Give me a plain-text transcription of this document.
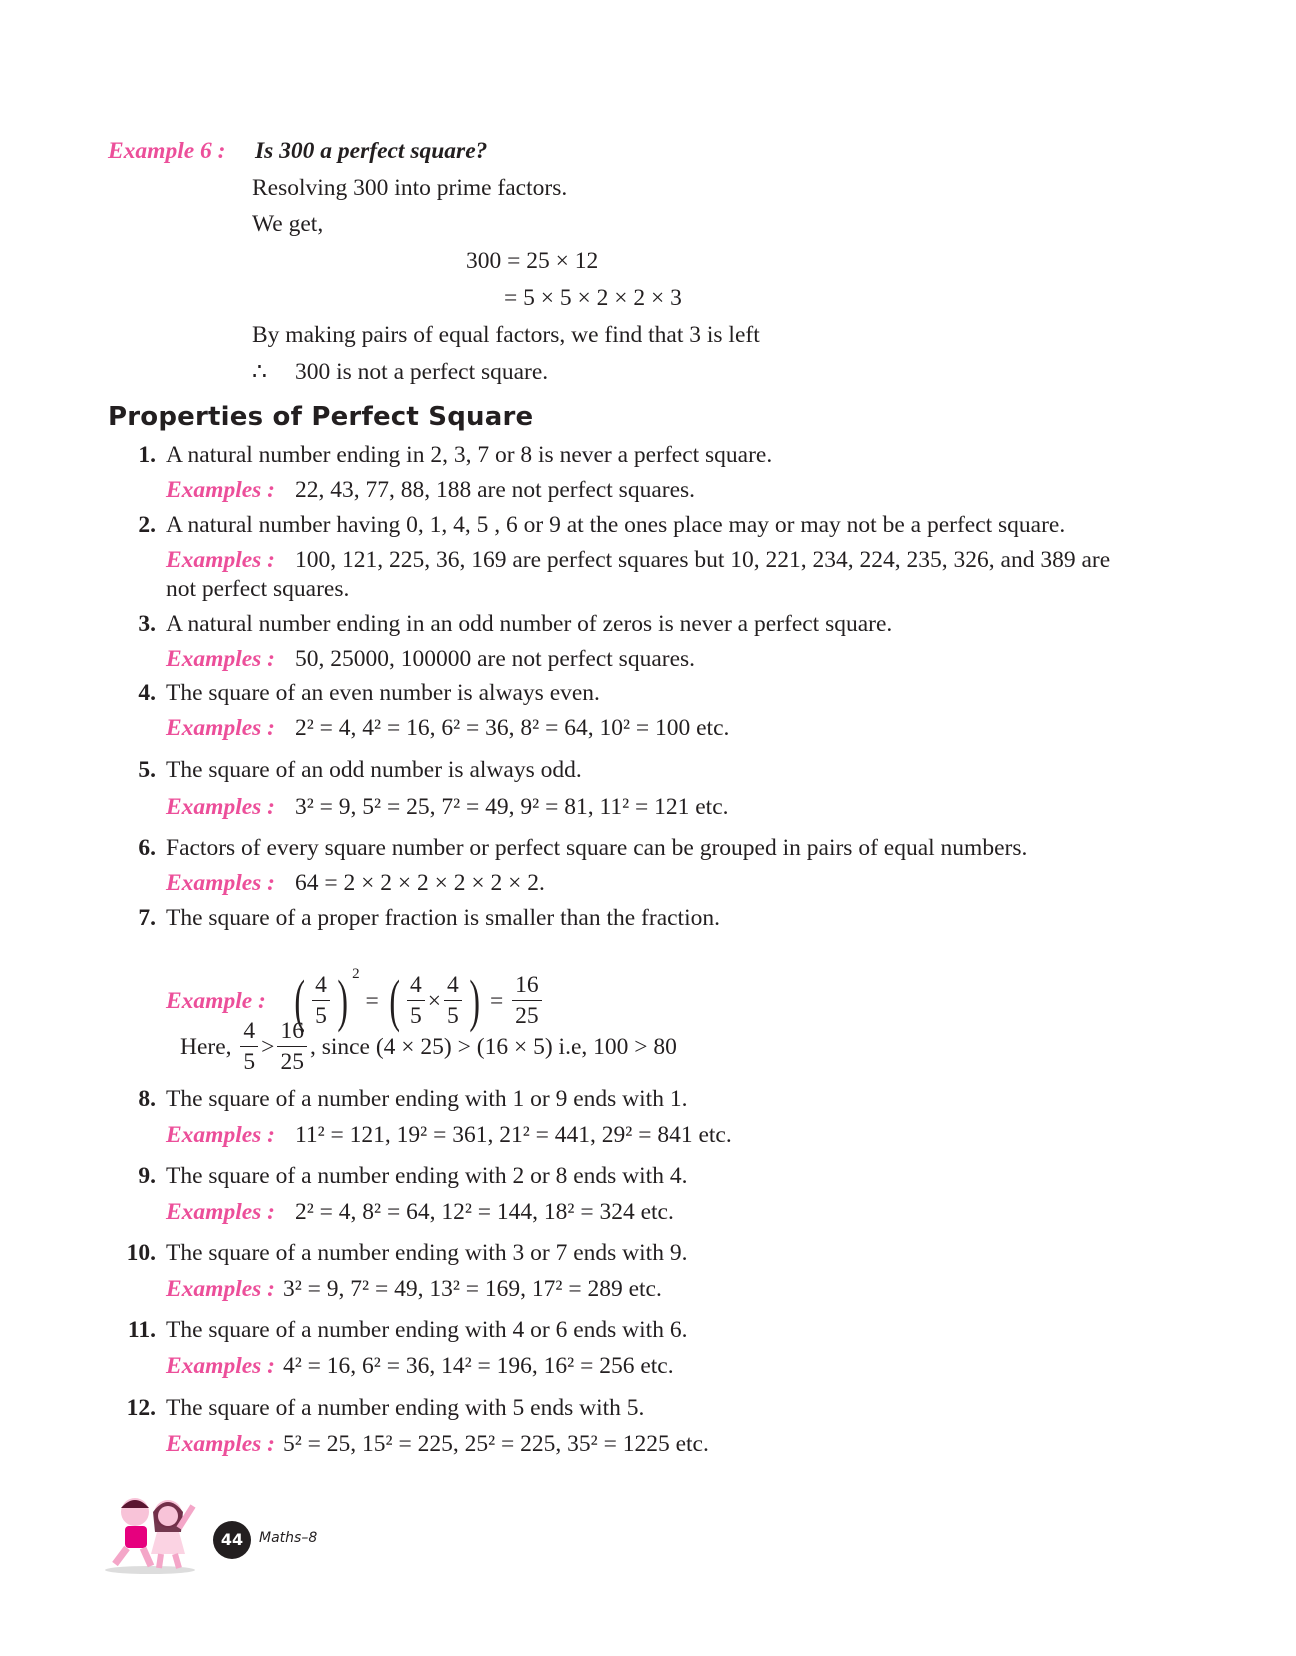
Example 6 : Is 300 a perfect square?
Resolving 300 into prime factors.
We get,
300 = 25 × 12
= 5 × 5 × 2 × 2 × 3
By making pairs of equal factors, we find that 3 is left
∴ 300 is not a perfect square.
Properties of Perfect Square
1. A natural number ending in 2, 3, 7 or 8 is never a perfect square.
Examples : 22, 43, 77, 88, 188 are not perfect squares.
2. A natural number having 0, 1, 4, 5 , 6 or 9 at the ones place may or may not be a perfect square.
Examples : 100, 121, 225, 36, 169 are perfect squares but 10, 221, 234, 224, 235, 326, and 389 are
not perfect squares.
3. A natural number ending in an odd number of zeros is never a perfect square.
Examples : 50, 25000, 100000 are not perfect squares.
4. The square of an even number is always even.
Examples : 2² = 4, 4² = 16, 6² = 36, 8² = 64, 10² = 100 etc.
5. The square of an odd number is always odd.
Examples : 3² = 9, 5² = 25, 7² = 49, 9² = 81, 11² = 121 etc.
6. Factors of every square number or perfect square can be grouped in pairs of equal numbers.
Examples : 64 = 2 × 2 × 2 × 2 × 2 × 2.
7. The square of a proper fraction is smaller than the fraction.
8. The square of a number ending with 1 or 9 ends with 1.
Examples : 11² = 121, 19² = 361, 21² = 441, 29² = 841 etc.
9. The square of a number ending with 2 or 8 ends with 4.
Examples : 2² = 4, 8² = 64, 12² = 144, 18² = 324 etc.
10. The square of a number ending with 3 or 7 ends with 9.
Examples : 3² = 9, 7² = 49, 13² = 169, 17² = 289 etc.
11. The square of a number ending with 4 or 6 ends with 6.
Examples : 4² = 16, 6² = 36, 14² = 196, 16² = 256 etc.
12. The square of a number ending with 5 ends with 5.
Examples : 5² = 25, 15² = 225, 25² = 225, 35² = 1225 etc.
Example : ( $\frac{4}{5}$ ) $^2$ = ( $\frac{4}{5} \times \frac{4}{5}$ ) = $\frac{16}{25}$
Here, $\frac{4}{5} > \frac{16}{25}$ , since (4 × 25) > (16 × 5) i.e, 100 > 80
44	Maths–8
